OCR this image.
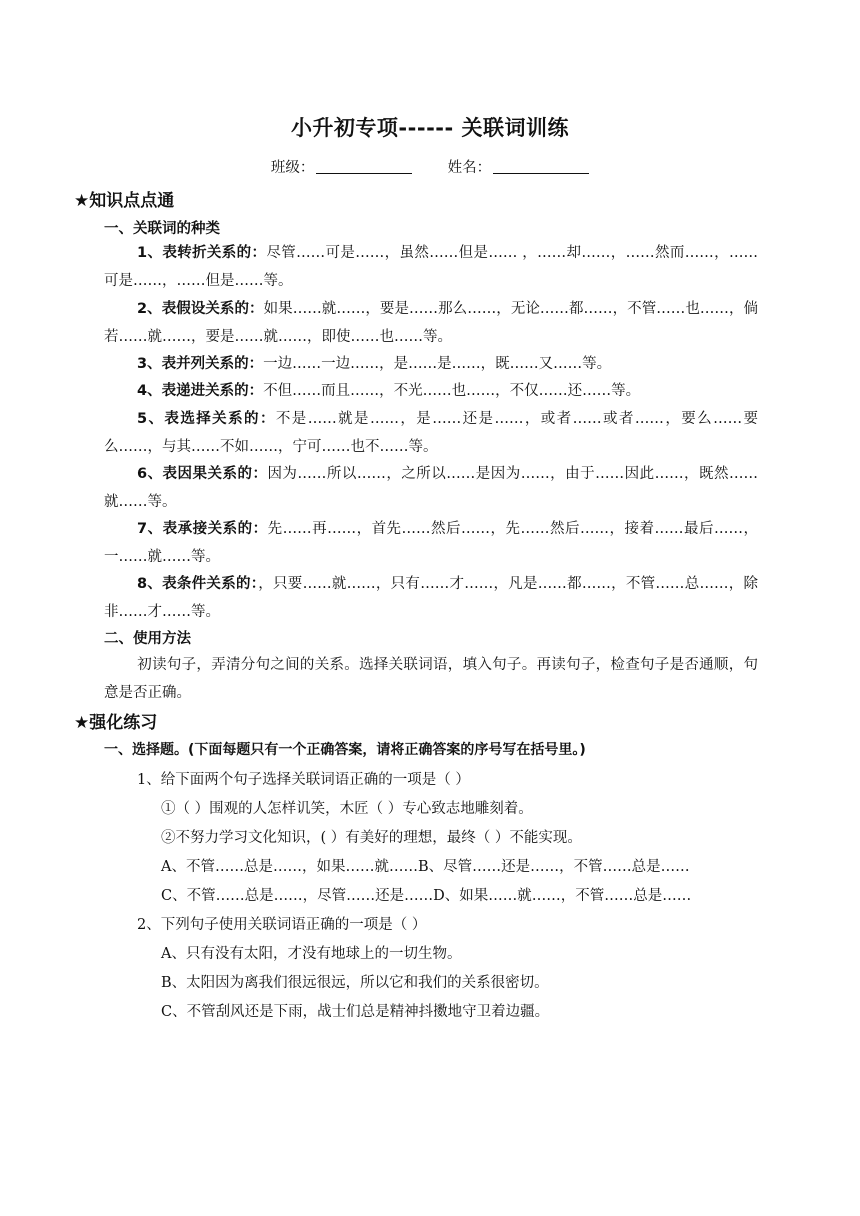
小升初专项------ 关联词训练
班级：	姓名：
★知识点点通
一、关联词的种类
1、表转折关系的：尽管……可是……，虽然……但是…… ，……却……，……然而……，……可是……，……但是……等。
2、表假设关系的：如果……就……，要是……那么……，无论……都……，不管……也……，倘若……就……，要是……就……，即使……也……等。
3、表并列关系的：一边……一边……，是……是……，既……又……等。
4、表递进关系的：不但……而且……，不光……也……，不仅……还……等。
5、表选择关系的：不是……就是……，是……还是……，或者……或者……，要么……要么……，与其……不如……，宁可……也不……等。
6、表因果关系的：因为……所以……，之所以……是因为……，由于……因此……，既然……就……等。
7、表承接关系的：先……再……，首先……然后……，先……然后……，接着……最后……，一……就……等。
8、表条件关系的：，只要……就……，只有……才……，凡是……都……，不管……总……，除非……才……等。
二、使用方法
初读句子，弄清分句之间的关系。选择关联词语，填入句子。再读句子，检查句子是否通顺，句意是否正确。
★强化练习
一、选择题。(下面每题只有一个正确答案，请将正确答案的序号写在括号里。)
1、给下面两个句子选择关联词语正确的一项是（ ）
①（ ）围观的人怎样讥笑，木匠（ ）专心致志地雕刻着。
②不努力学习文化知识，( ）有美好的理想，最终（ ）不能实现。
A、不管……总是……，如果……就……B、尽管……还是……，不管……总是……
C、不管……总是……，尽管……还是……D、如果……就……，不管……总是……
2、下列句子使用关联词语正确的一项是（ ）
A、只有没有太阳，才没有地球上的一切生物。
B、太阳因为离我们很远很远，所以它和我们的关系很密切。
C、不管刮风还是下雨，战士们总是精神抖擞地守卫着边疆。
